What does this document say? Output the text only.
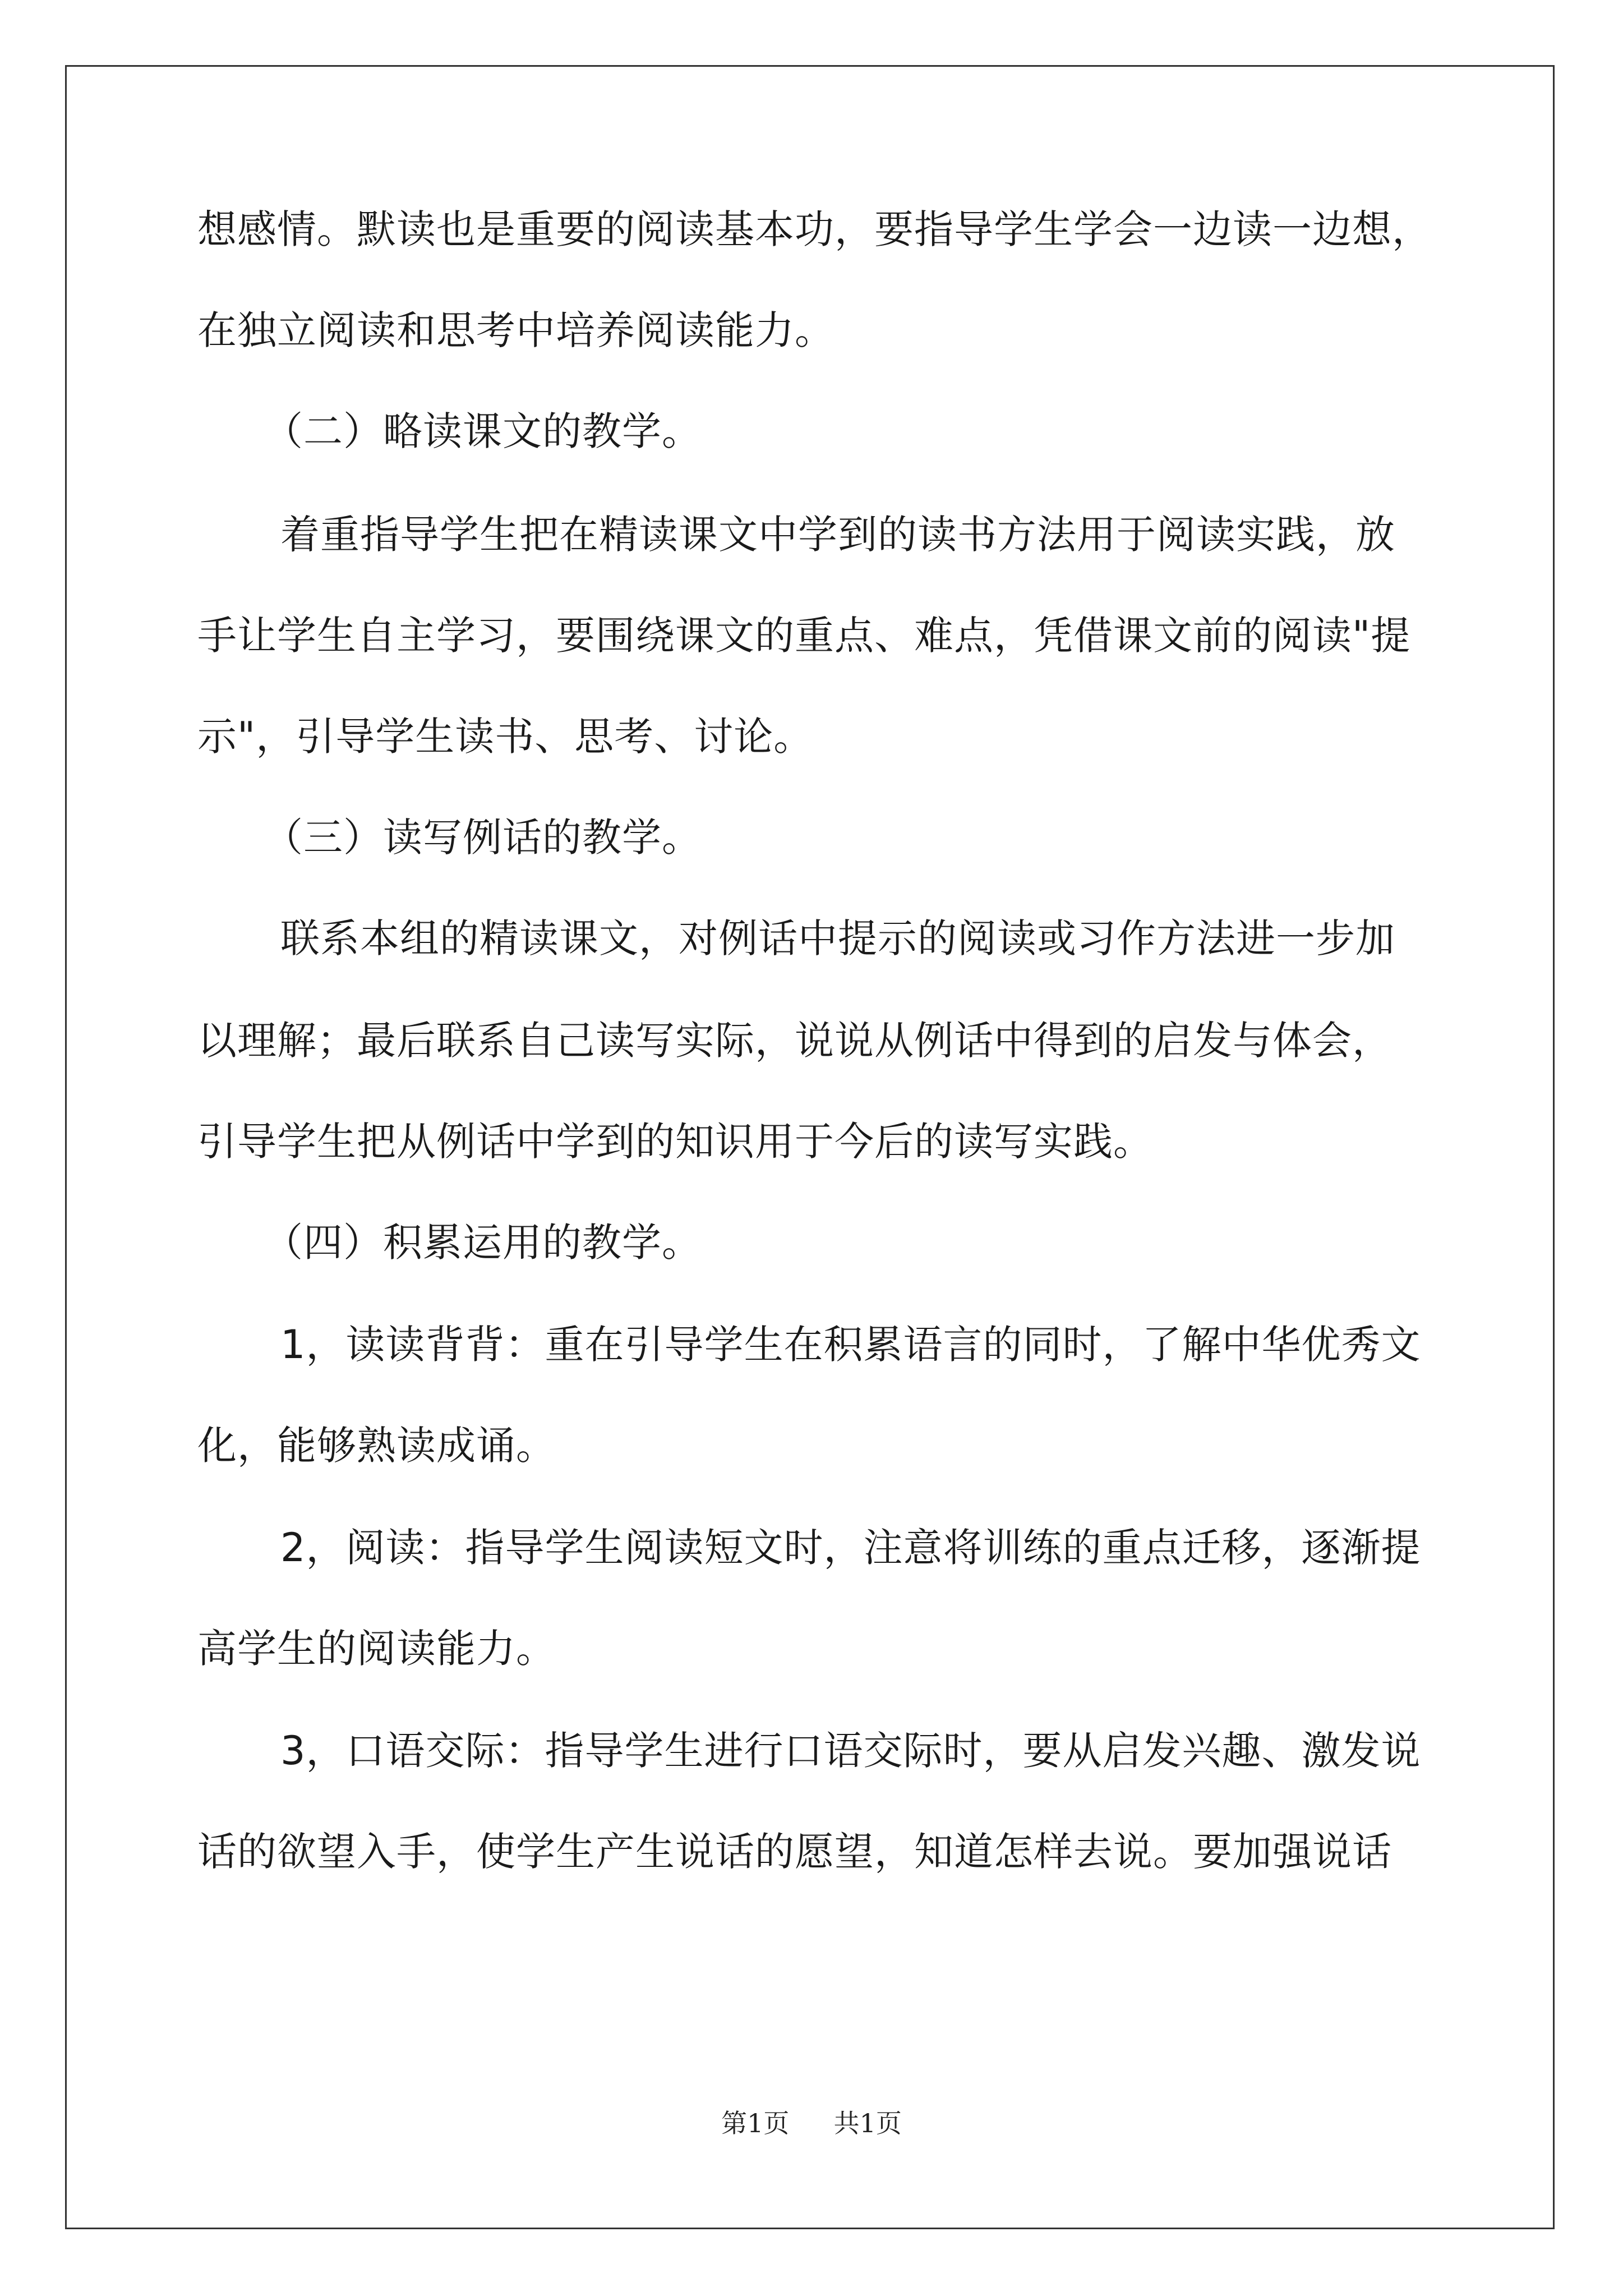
想感情。默读也是重要的阅读基本功，要指导学生学会一边读一边想，
在独立阅读和思考中培养阅读能力。
（二）略读课文的教学。
着重指导学生把在精读课文中学到的读书方法用于阅读实践，放
手让学生自主学习，要围绕课文的重点、难点，凭借课文前的阅读"提
示"，引导学生读书、思考、讨论。
（三）读写例话的教学。
联系本组的精读课文，对例话中提示的阅读或习作方法进一步加
以理解；最后联系自己读写实际，说说从例话中得到的启发与体会，
引导学生把从例话中学到的知识用于今后的读写实践。
（四）积累运用的教学。
1，读读背背：重在引导学生在积累语言的同时，了解中华优秀文
化，能够熟读成诵。
2，阅读：指导学生阅读短文时，注意将训练的重点迁移，逐渐提
高学生的阅读能力。
3，口语交际：指导学生进行口语交际时，要从启发兴趣、激发说
话的欲望入手，使学生产生说话的愿望，知道怎样去说。要加强说话
第1页 共1页
